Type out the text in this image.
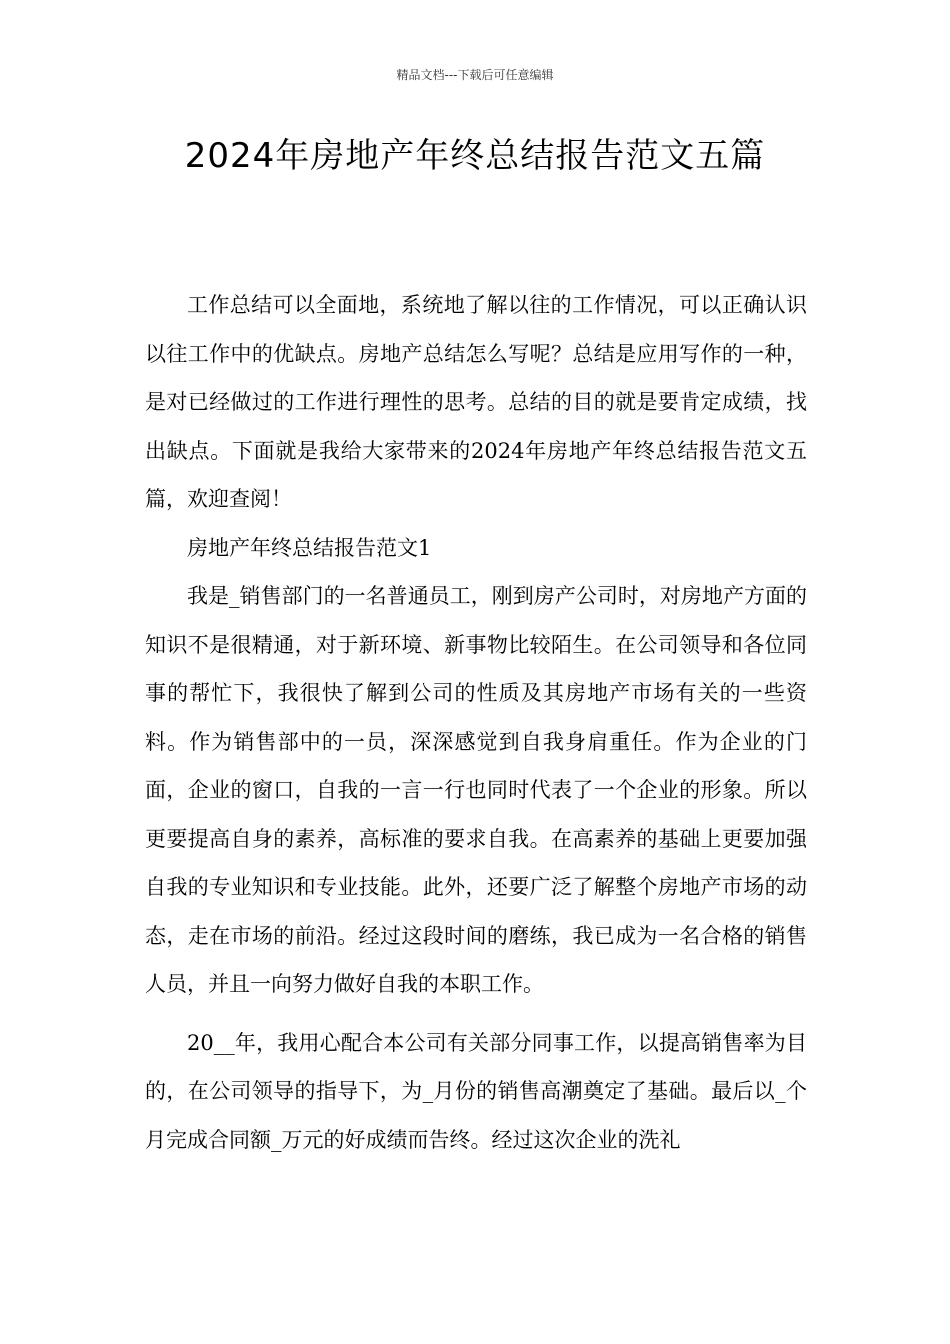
精品文档---下载后可任意编辑
2024年房地产年终总结报告范文五篇

工作总结可以全面地，系统地了解以往的工作情况，可以正确认识以往工作中的优缺点。房地产总结怎么写呢？总结是应用写作的一种，是对已经做过的工作进行理性的思考。总结的目的就是要肯定成绩，找出缺点。下面就是我给大家带来的2024年房地产年终总结报告范文五篇，欢迎查阅！

房地产年终总结报告范文1

我是_销售部门的一名普通员工，刚到房产公司时，对房地产方面的知识不是很精通，对于新环境、新事物比较陌生。在公司领导和各位同事的帮忙下，我很快了解到公司的性质及其房地产市场有关的一些资料。作为销售部中的一员，深深感觉到自我身肩重任。作为企业的门面，企业的窗口，自我的一言一行也同时代表了一个企业的形象。所以更要提高自身的素养，高标准的要求自我。在高素养的基础上更要加强自我的专业知识和专业技能。此外，还要广泛了解整个房地产市场的动态，走在市场的前沿。经过这段时间的磨练，我已成为一名合格的销售人员，并且一向努力做好自我的本职工作。

20__年，我用心配合本公司有关部分同事工作，以提高销售率为目的，在公司领导的指导下，为_月份的销售高潮奠定了基础。最后以_个月完成合同额_万元的好成绩而告终。经过这次企业的洗礼
